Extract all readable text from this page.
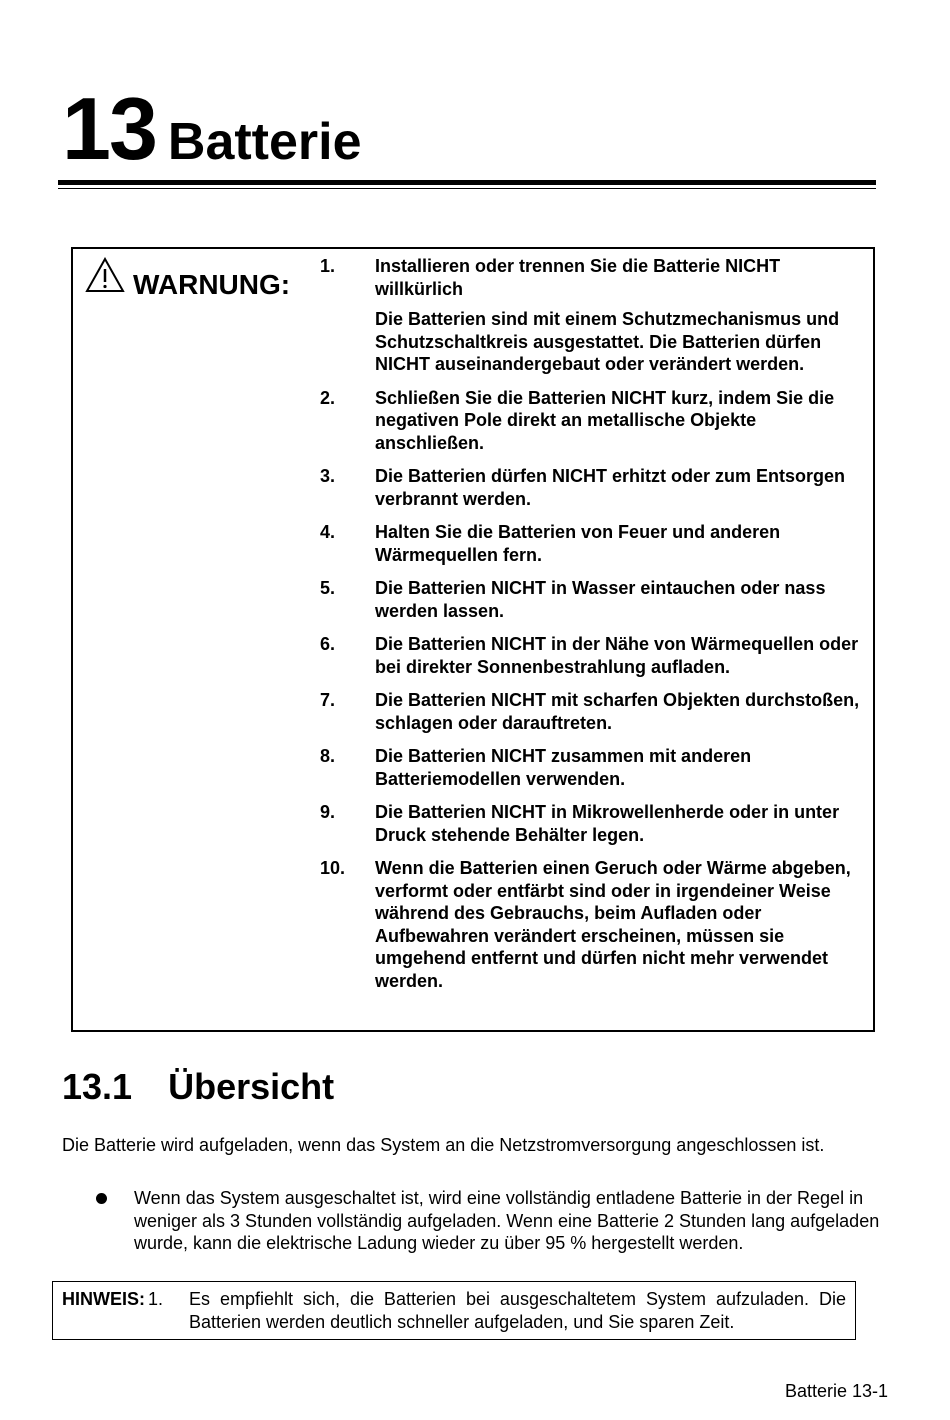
13 Batterie
WARNUNG:
1.	Installieren oder trennen Sie die Batterie NICHT willkürlich

Die Batterien sind mit einem Schutzmechanismus und Schutzschaltkreis ausgestattet. Die Batterien dürfen NICHT auseinandergebaut oder verändert werden.

2.	Schließen Sie die Batterien NICHT kurz, indem Sie die negativen Pole direkt an metallische Objekte anschließen.

3.	Die Batterien dürfen NICHT erhitzt oder zum Entsorgen verbrannt werden.

4.	Halten Sie die Batterien von Feuer und anderen Wärmequellen fern.

5.	Die Batterien NICHT in Wasser eintauchen oder nass werden lassen.

6.	Die Batterien NICHT in der Nähe von Wärmequellen oder bei direkter Sonnenbestrahlung aufladen.

7.	Die Batterien NICHT mit scharfen Objekten durchstoßen, schlagen oder darauftreten.

8.	Die Batterien NICHT zusammen mit anderen Batteriemodellen verwenden.

9.	Die Batterien NICHT in Mikrowellenherde oder in unter Druck stehende Behälter legen.

10.	Wenn die Batterien einen Geruch oder Wärme abgeben, verformt oder entfärbt sind oder in irgendeiner Weise während des Gebrauchs, beim Aufladen oder Aufbewahren verändert erscheinen, müssen sie umgehend entfernt und dürfen nicht mehr verwendet werden.

13.1 Übersicht

Die Batterie wird aufgeladen, wenn das System an die Netzstromversorgung angeschlossen ist.

Wenn das System ausgeschaltet ist, wird eine vollständig entladene Batterie in der Regel in weniger als 3 Stunden vollständig aufgeladen. Wenn eine Batterie 2 Stunden lang aufgeladen wurde, kann die elektrische Ladung wieder zu über 95 % hergestellt werden.
HINWEIS: 1. Es empfiehlt sich, die Batterien bei ausgeschaltetem System aufzuladen. Die Batterien werden deutlich schneller aufgeladen, und Sie sparen Zeit.
Batterie 13-1
